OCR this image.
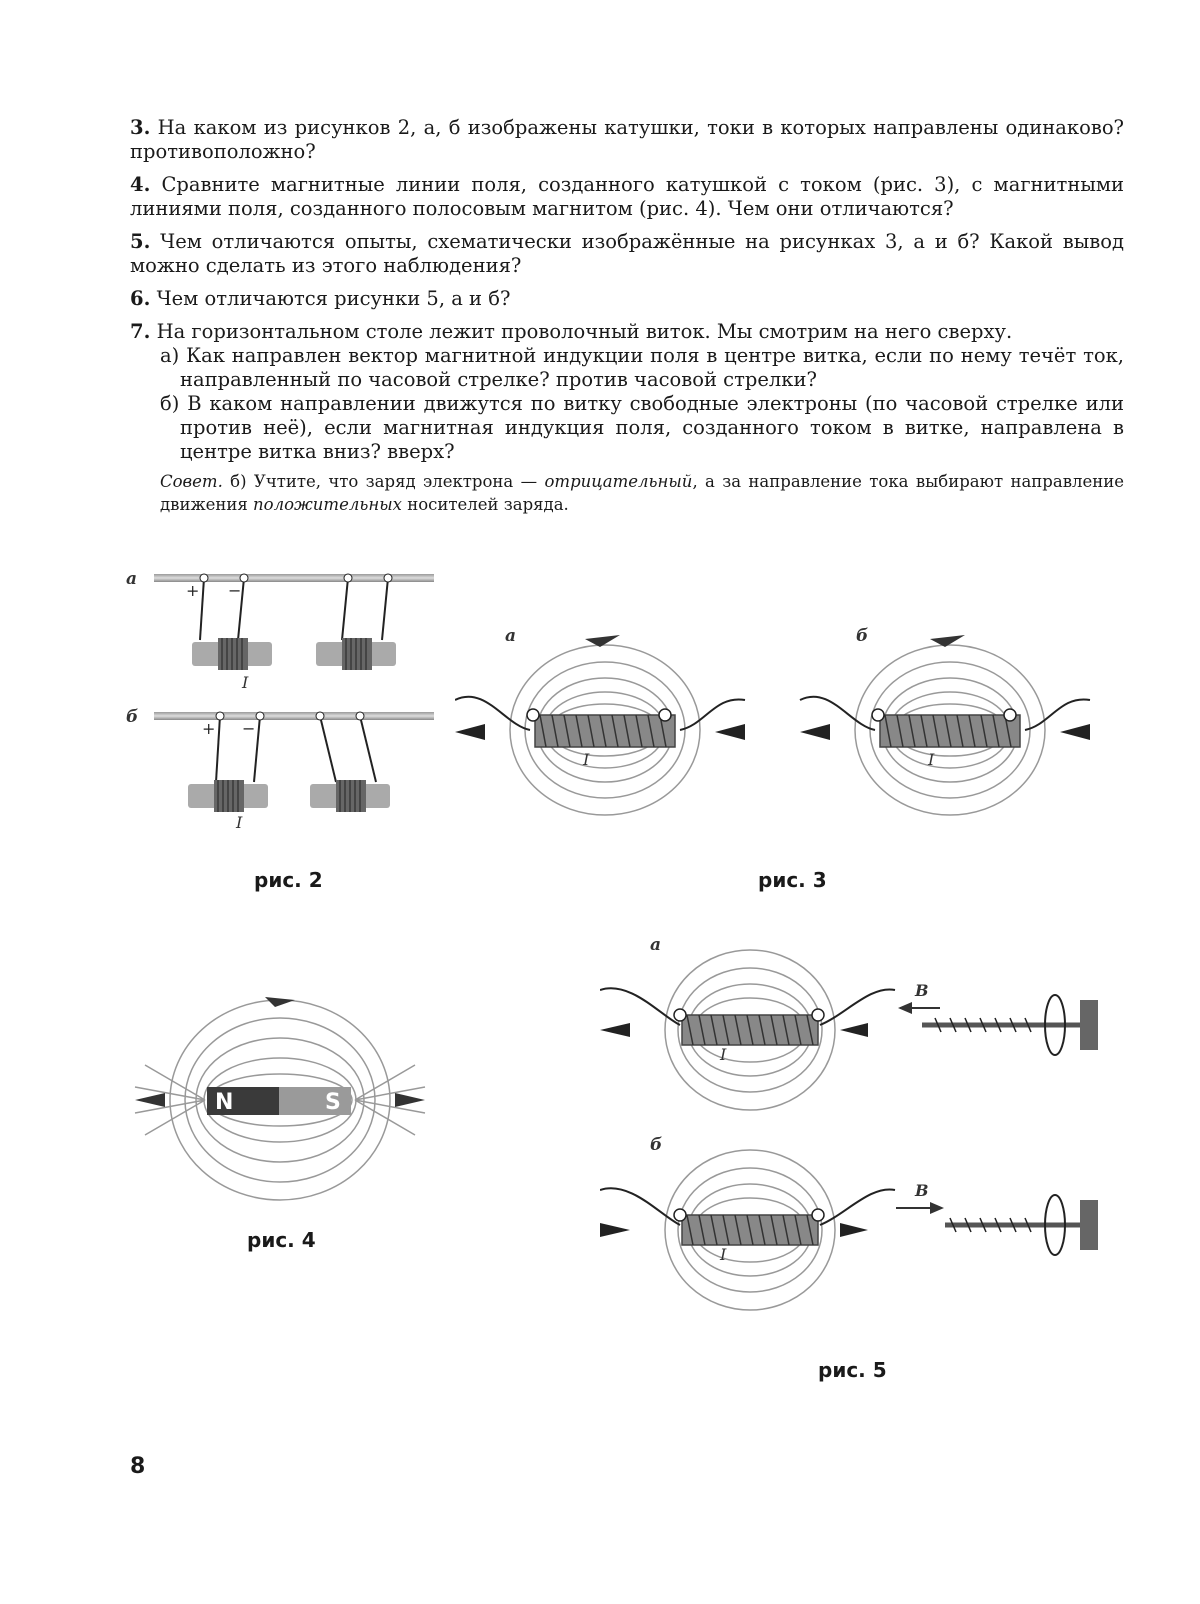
3. На каком из рисунков 2, а, б изображены катушки, токи в которых направлены одинаково? противоположно?

4. Сравните магнитные линии поля, созданного катушкой с током (рис. 3), с магнитными линиями поля, созданного полосовым магнитом (рис. 4). Чем они отличаются?

5. Чем отличаются опыты, схематически изображённые на рисунках 3, а и б? Какой вывод можно сделать из этого наблюдения?

6. Чем отличаются рисунки 5, а и б?

7. На горизонтальном столе лежит проволочный виток. Мы смотрим на него сверху.

а) Как направлен вектор магнитной индукции поля в центре витка, если по нему течёт ток, направленный по часовой стрелке? против часовой стрелки?

б) В каком направлении движутся по витку свободные электроны (по часовой стрелке или против неё), если магнитная индукция поля, созданного током в витке, направлена в центре витка вниз? вверх?

Совет. б) Учтите, что заряд электрона — отрицательный, а за направление тока выбирают направление движения положительных носителей заряда.

а
+ −
I
б
+ −
I
рис. 2
а
I
б
I
рис. 3
N	S
рис. 4
а
I
B
б
I
B
рис. 5
8
